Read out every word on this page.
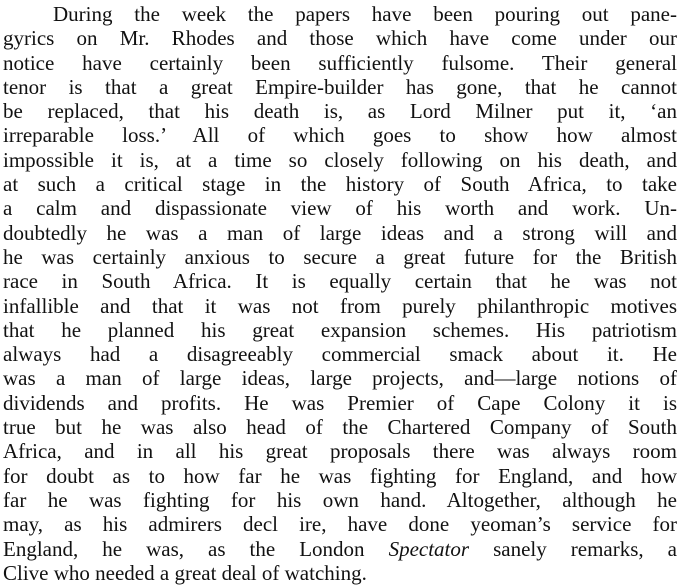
During the week the papers have been pouring out pane-
gyrics on Mr. Rhodes and those which have come under our
notice have certainly been sufficiently fulsome. Their general
tenor is that a great Empire-builder has gone, that he cannot
be replaced, that his death is, as Lord Milner put it, ‘an
irreparable loss.’ All of which goes to show how almost
impossible it is, at a time so closely following on his death, and
at such a critical stage in the history of South Africa, to take
a calm and dispassionate view of his worth and work. Un-
doubtedly he was a man of large ideas and a strong will and
he was certainly anxious to secure a great future for the British
race in South Africa. It is equally certain that he was not
infallible and that it was not from purely philanthropic motives
that he planned his great expansion schemes. His patriotism
always had a disagreeably commercial smack about it. He
was a man of large ideas, large projects, and—large notions of
dividends and profits. He was Premier of Cape Colony it is
true but he was also head of the Chartered Company of South
Africa, and in all his great proposals there was always room
for doubt as to how far he was fighting for England, and how
far he was fighting for his own hand. Altogether, although he
may, as his admirers decl ire, have done yeoman’s service for
England, he was, as the London Spectator sanely remarks, a
Clive who needed a great deal of watching.
